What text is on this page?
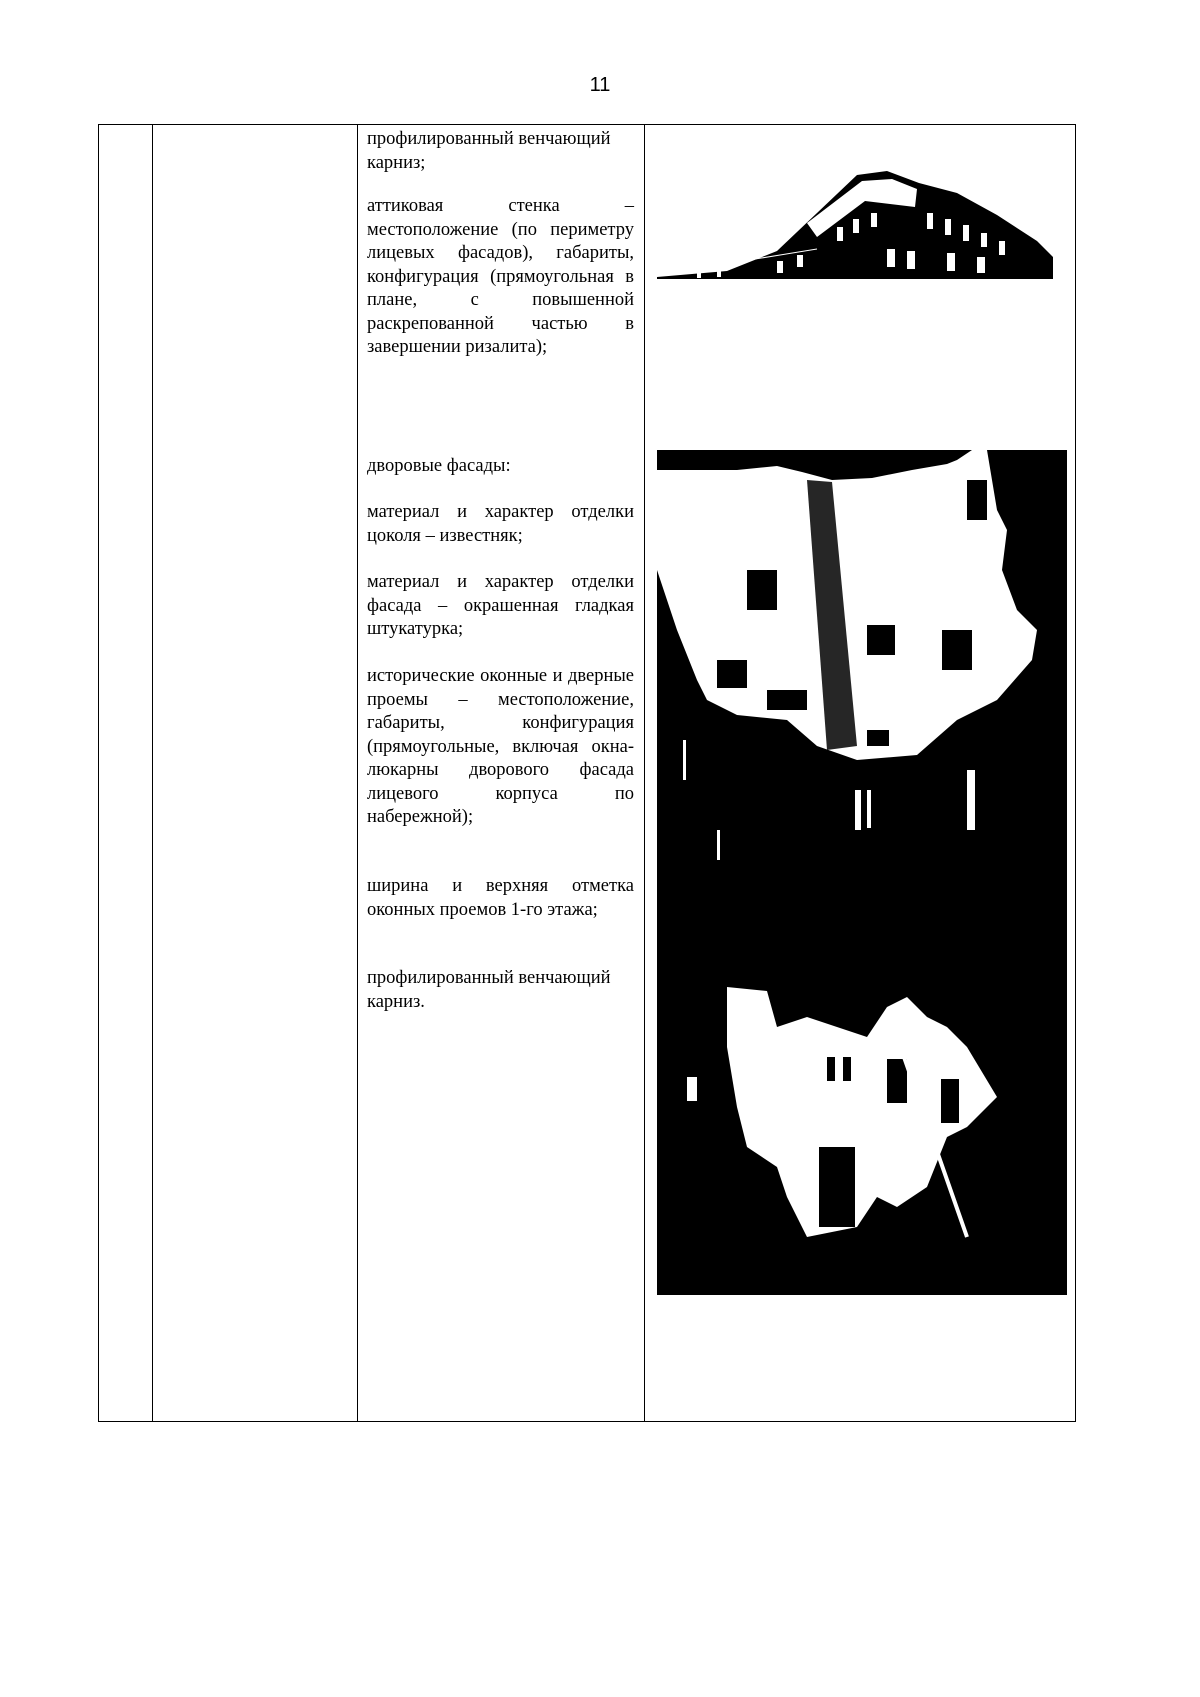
11
профилированный венчающий карниз;
аттиковая стенка – местоположение (по периметру лицевых фасадов), габариты, конфигурация (прямоугольная в плане, с повышенной раскрепованной частью в завершении ризалита);
дворовые фасады:
материал и характер отделки цоколя – известняк;
материал и характер отделки фасада – окрашенная гладкая штукатурка;
исторические оконные и дверные проемы – местоположение, габариты, конфигурация (прямоугольные, включая окна-люкарны дворового фасада лицевого корпуса по набережной);
ширина и верхняя отметка оконных проемов 1-го этажа;
профилированный венчающий карниз.
